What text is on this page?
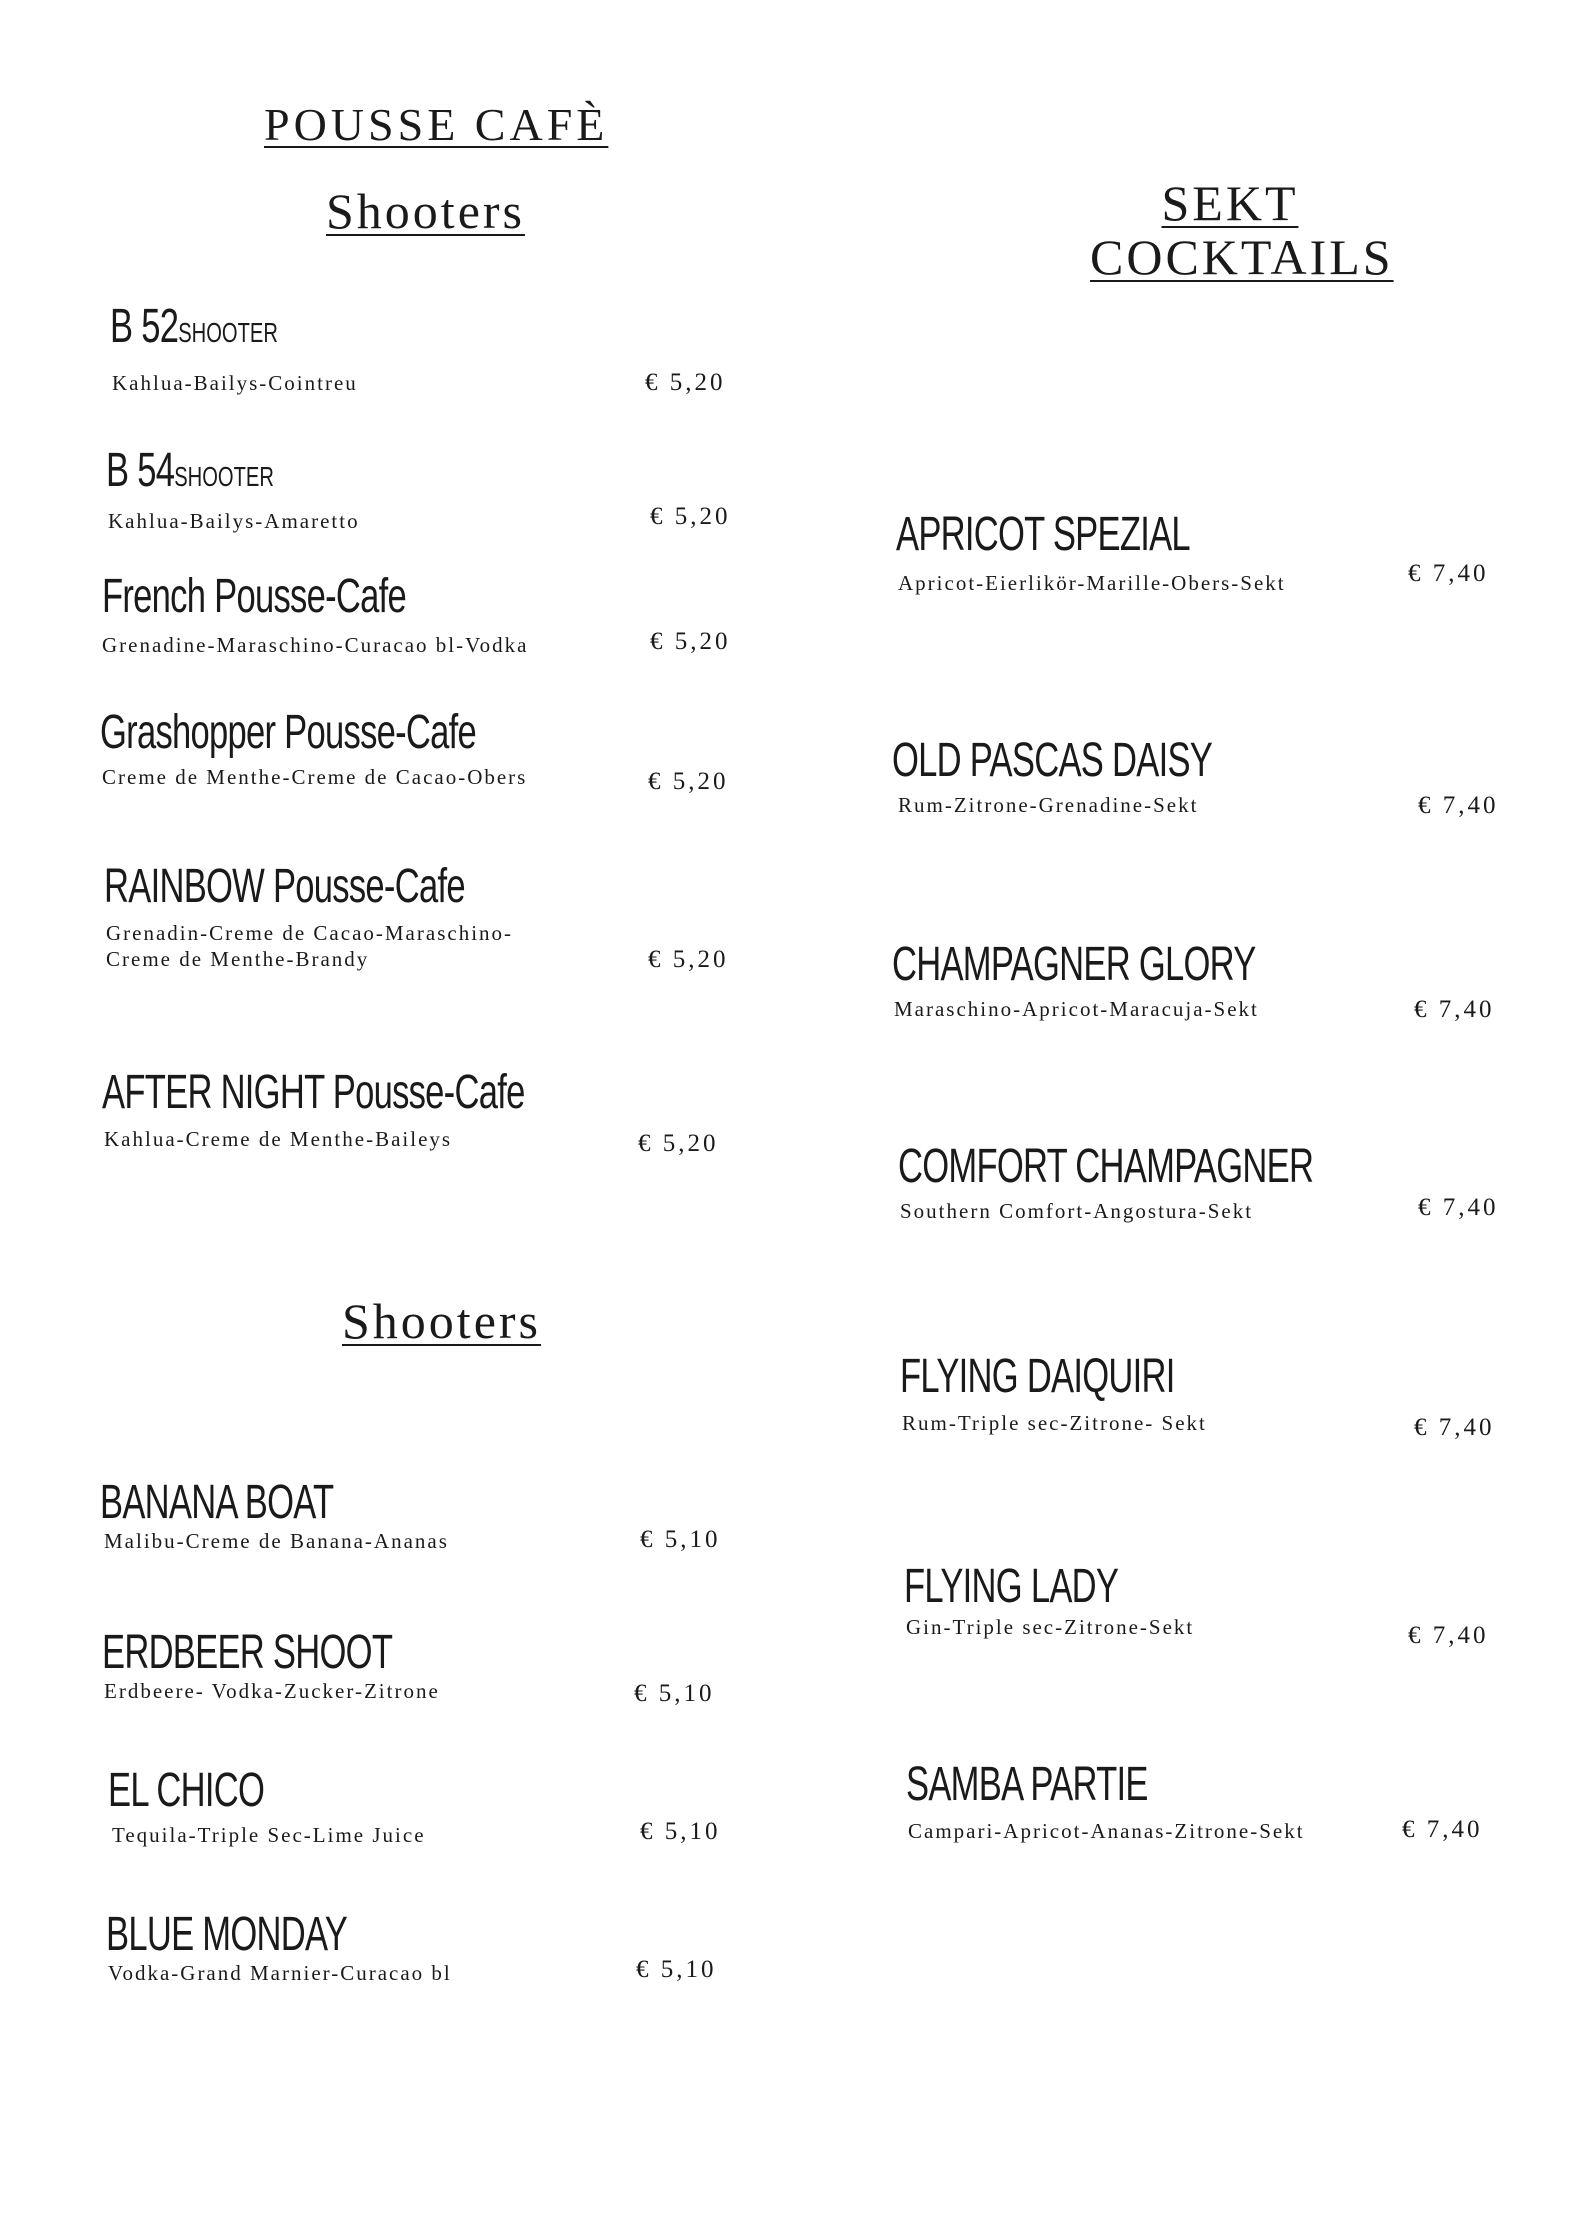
POUSSE CAFÈ
Shooters	SEKT
COCKTAILS
Shooters
B 52SHOOTER
Kahlua-Bailys-Cointreu	€ 5,20
B 54SHOOTER
Kahlua-Bailys-Amaretto	€ 5,20
French Pousse-Cafe
Grenadine-Maraschino-Curacao bl-Vodka	€ 5,20
Grashopper Pousse-Cafe
Creme de Menthe-Creme de Cacao-Obers	€ 5,20
RAINBOW Pousse-Cafe
Grenadin-Creme de Cacao-Maraschino-
Creme de Menthe-Brandy	€ 5,20
AFTER NIGHT Pousse-Cafe
Kahlua-Creme de Menthe-Baileys	€ 5,20
BANANA BOAT
Malibu-Creme de Banana-Ananas	€ 5,10
ERDBEER SHOOT
Erdbeere- Vodka-Zucker-Zitrone	€ 5,10
EL CHICO
Tequila-Triple Sec-Lime Juice	€ 5,10
BLUE MONDAY
Vodka-Grand Marnier-Curacao bl	€ 5,10
APRICOT SPEZIAL
Apricot-Eierlikör-Marille-Obers-Sekt	€ 7,40
OLD PASCAS DAISY
Rum-Zitrone-Grenadine-Sekt	€ 7,40
CHAMPAGNER GLORY
Maraschino-Apricot-Maracuja-Sekt	€ 7,40
COMFORT CHAMPAGNER
Southern Comfort-Angostura-Sekt	€ 7,40
FLYING DAIQUIRI
Rum-Triple sec-Zitrone- Sekt	€ 7,40
FLYING LADY
Gin-Triple sec-Zitrone-Sekt	€ 7,40
SAMBA PARTIE
Campari-Apricot-Ananas-Zitrone-Sekt	€ 7,40
